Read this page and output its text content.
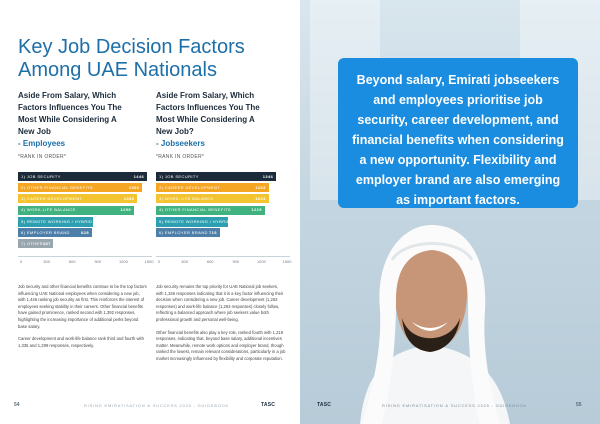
Key Job Decision Factors
Among UAE Nationals
Aside From Salary, Which
Factors Influences You The
Most While Considering A
New Job
- Employees
*RANK IN ORDER*
Aside From Salary, Which
Factors Influences You The
Most While Considering A
New Job?
- Jobseekers
*RANK IN ORDER*
1) JOB SECURITY	1446
2) OTHER FINANCIAL BENEFITS	1392
3) CAREER DEVELOPMENT	1335
4) WORK-LIFE BALANCE	1299
5) REMOTE WORKING / HYBRID WORK OPTIONS 841
6) EMPLOYER BRAND	828
7) OTHER 387
0	300	600	900	1200	1500
1) JOB SECURITY	1346
2) CAREER DEVELOPMENT	1263
3) WORK-LIFE BALANCE	1263
4) OTHER FINANCIAL BENEFITS	1219
5) REMOTE WORKING / HYBRID WORK OPTIONS 811
6) EMPLOYER BRAND 715
0	300	600	900	1200	1500

Job security and other financial benefits continue to be the top factors influencing UAE National employees when considering a new job, with 1,446 ranking job security as first. This reinforces the interest of employees seeking stability in their careers. Other financial benefits have gained prominence, ranked second with 1,392 responses, highlighting the increasing importance of additional perks beyond base salary.

Career development and work-life balance rank third and fourth with 1,335 and 1,299 responses, respectively.

Job security remains the top priority for UAE National job seekers, with 1,346 responses indicating that it is a key factor influencing their decision when considering a new job. Career development (1,263 responses) and work-life balance (1,263 responses) closely follow, reflecting a balanced approach where job seekers value both professional growth and personal well-being.

Other financial benefits also play a key role, ranked fourth with 1,219 responses, indicating that, beyond base salary, additional incentives matter. Meanwhile, remote work options and employer brand, though ranked the lowest, remain relevant considerations, particularly in a job market increasingly influenced by flexibility and corporate reputation.

54	RISING EMIRATISATION & SUCCESS 2025 - GUIDEBOOK	TASC
Beyond salary, Emirati jobseekers and employees prioritise job security, career development, and financial benefits when considering a new opportunity. Flexibility and employer brand are also emerging as important factors.
TASC	RISING EMIRATISATION & SUCCESS 2025 - GUIDEBOOK	55
